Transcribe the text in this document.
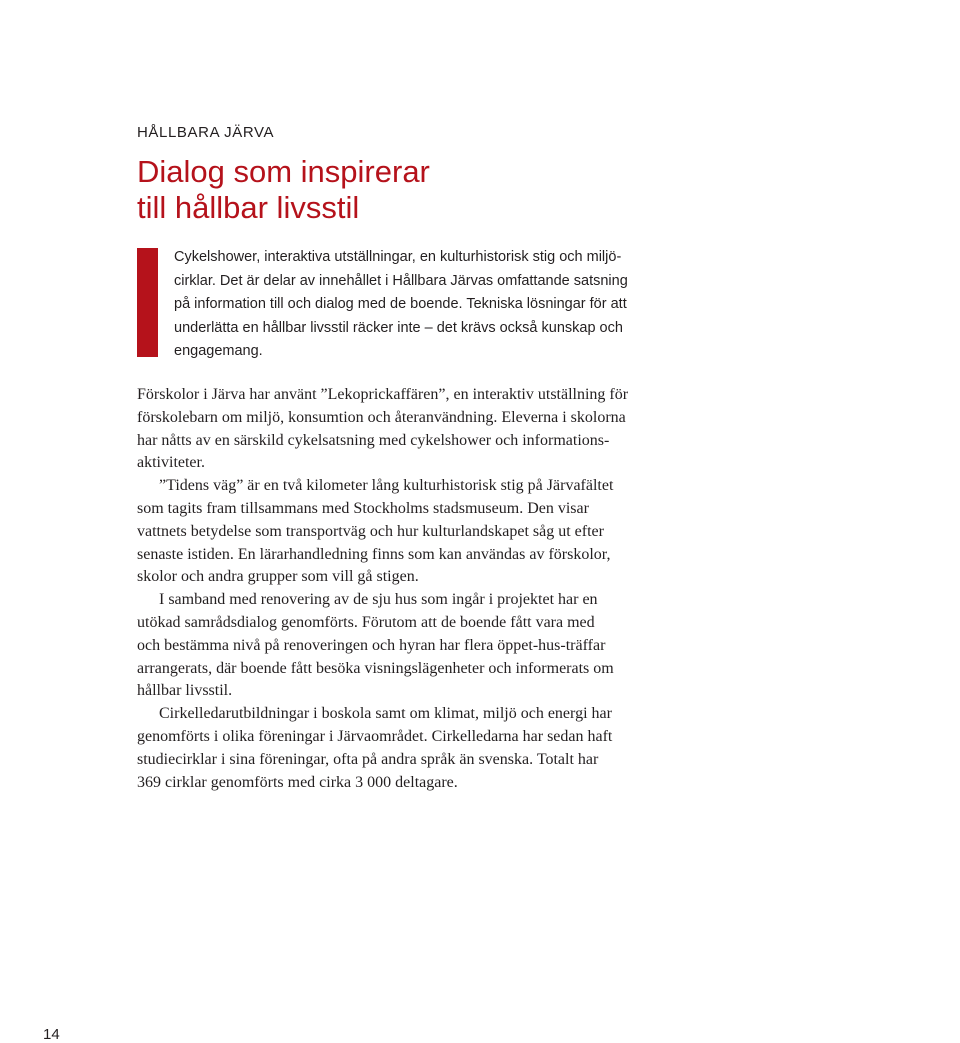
HÅLLBARA JÄRVA
Dialog som inspirerar
till hållbar livsstil
Cykelshower, interaktiva utställningar, en kulturhistorisk stig och miljö-
cirklar. Det är delar av innehållet i Hållbara Järvas omfattande satsning
på information till och dialog med de boende. Tekniska lösningar för att
underlätta en hållbar livsstil räcker inte – det krävs också kunskap och
engagemang.
Förskolor i Järva har använt ”Lekoprickaffären”, en interaktiv utställning för
förskolebarn om miljö, konsumtion och återanvändning. Eleverna i skolorna
har nåtts av en särskild cykelsatsning med cykelshower och informations-
aktiviteter.
”Tidens väg” är en två kilometer lång kulturhistorisk stig på Järvafältet
som tagits fram tillsammans med Stockholms stadsmuseum. Den visar
vattnets betydelse som transportväg och hur kulturlandskapet såg ut efter
senaste istiden. En lärarhandledning finns som kan användas av förskolor,
skolor och andra grupper som vill gå stigen.
I samband med renovering av de sju hus som ingår i projektet har en
utökad samrådsdialog genomförts. Förutom att de boende fått vara med
och bestämma nivå på renoveringen och hyran har flera öppet-hus-träffar
arrangerats, där boende fått besöka visningslägenheter och informerats om
hållbar livsstil.
Cirkelledarutbildningar i boskola samt om klimat, miljö och energi har
genomförts i olika föreningar i Järvaområdet. Cirkelledarna har sedan haft
studiecirklar i sina föreningar, ofta på andra språk än svenska. Totalt har
369 cirklar genomförts med cirka 3 000 deltagare.
14
